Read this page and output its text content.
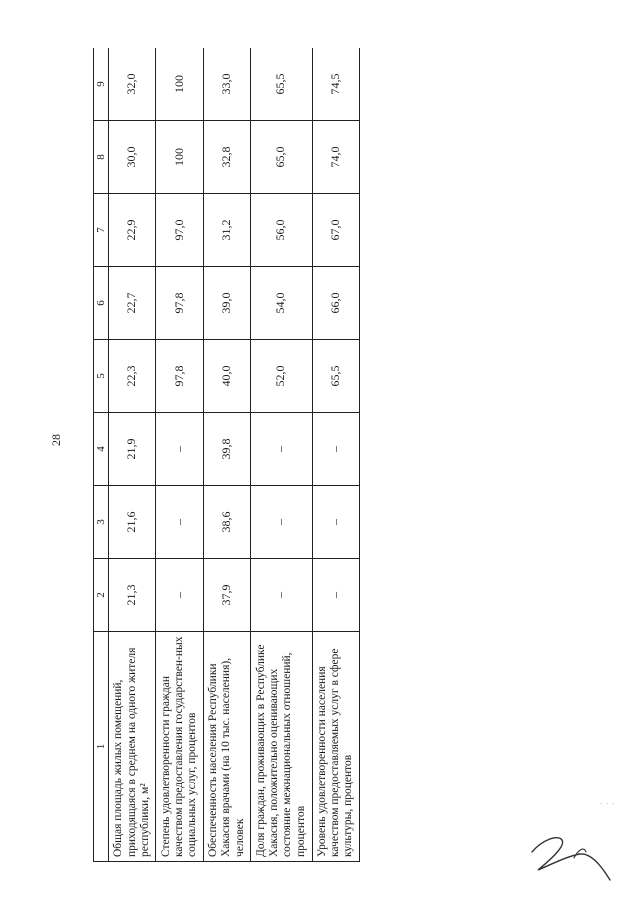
28
1	2	3	4	5	6	7	8	9
Общая площадь жилых помещений, приходящаяся в среднем на одного жителя республики, м²	21,3	21,6	21,9	22,3	22,7	22,9	30,0	32,0
Степень удовлетворенности граждан качеством предоставления государствен-ных социальных услуг, процентов	–	–	–	97,8	97,8	97,0	100	100
Обеспеченность населения Республики Хакасия врачами (на 10 тыс. населения), человек	37,9	38,6	39,8	40,0	39,0	31,2	32,8	33,0
Доля граждан, проживающих в Республике Хакасия, положительно оценивающих состояние межнациональных отношений, процентов	–	–	–	52,0	54,0	56,0	65,0	65,5
Уровень удовлетворенности населения качеством предоставляемых услуг в сфере культуры, процентов	–	–	–	65,5	66,0	67,0	74,0	74,5
· · ·
